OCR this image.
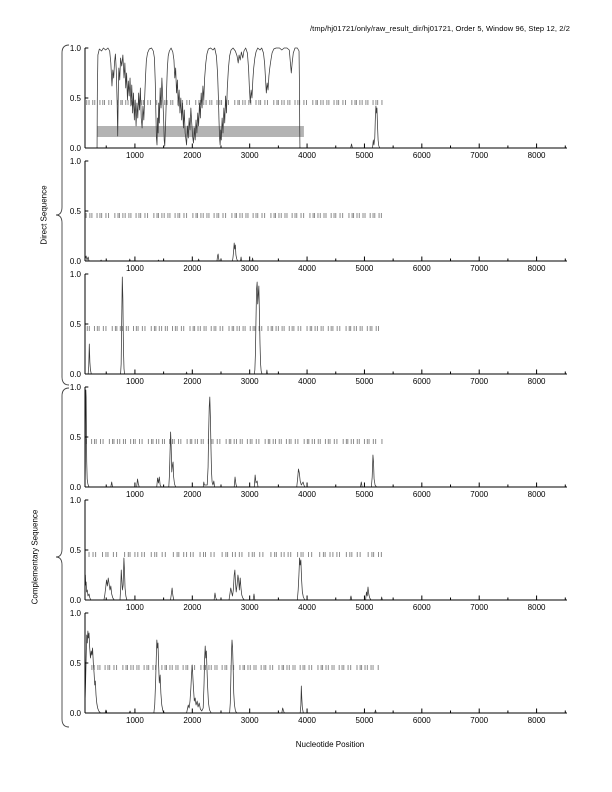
/tmp/hj01721/only/raw_result_dir/hj01721, Order 5, Window 96, Step 12, 2/2
Direct Sequence
Complementary Sequence
1.0
0.5
0.0
1000	2000	3000	4000	5000	6000	7000	8000
1.0
0.5
0.0
1000	2000	3000	4000	5000	6000	7000	8000
1.0
0.5
0.0
1000	2000	3000	4000	5000	6000	7000	8000
1.0
0.5
0.0
1000	2000	3000	4000	5000	6000	7000	8000
1.0
0.5
0.0
1000	2000	3000	4000	5000	6000	7000	8000
1.0
0.5
0.0
1000	2000	3000	4000	5000	6000	7000	8000
Nucleotide Position
